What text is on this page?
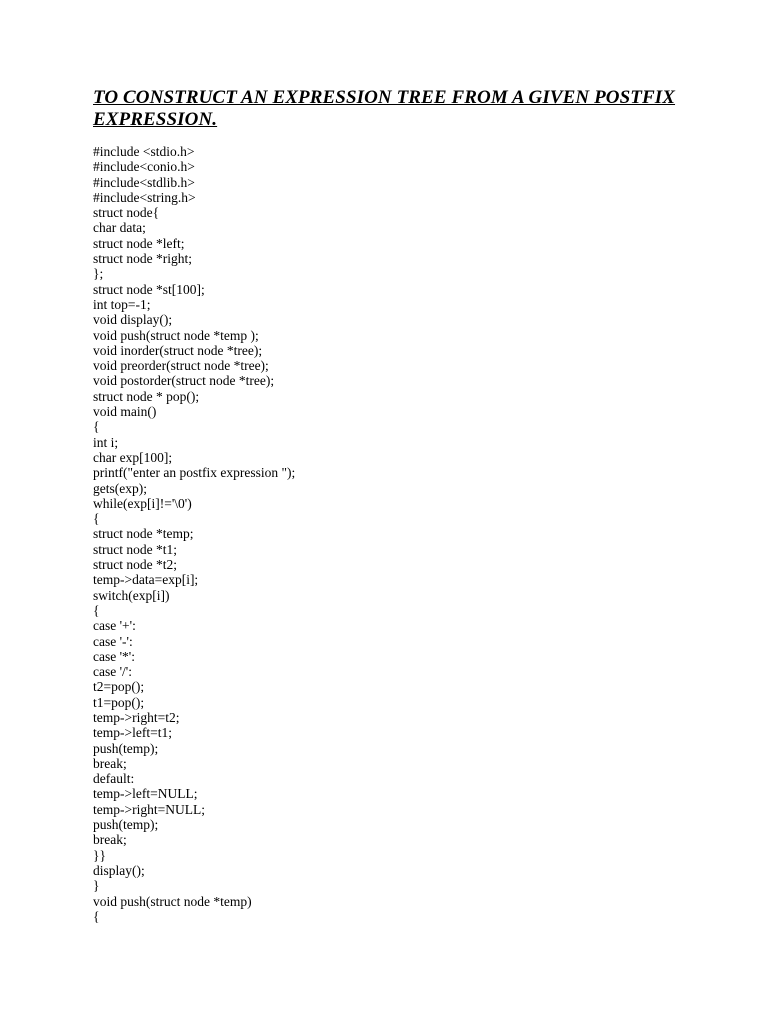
TO CONSTRUCT AN EXPRESSION TREE FROM A GIVEN POSTFIX EXPRESSION.
#include <stdio.h>
#include<conio.h>
#include<stdlib.h>
#include<string.h>
struct node{
char data;
struct node *left;
struct node *right;
};
struct node *st[100];
int top=-1;
void display();
void push(struct node *temp );
void inorder(struct node *tree);
void preorder(struct node *tree);
void postorder(struct node *tree);
struct node * pop();
void main()
{
int i;
char exp[100];
printf("enter an postfix expression ");
gets(exp);
while(exp[i]!='\0')
{
struct node *temp;
struct node *t1;
struct node *t2;
temp->data=exp[i];
switch(exp[i])
{
case '+':
case '-':
case '*':
case '/':
t2=pop();
t1=pop();
temp->right=t2;
temp->left=t1;
push(temp);
break;
default:
temp->left=NULL;
temp->right=NULL;
push(temp);
break;
}}
display();
}
void push(struct node *temp)
{
